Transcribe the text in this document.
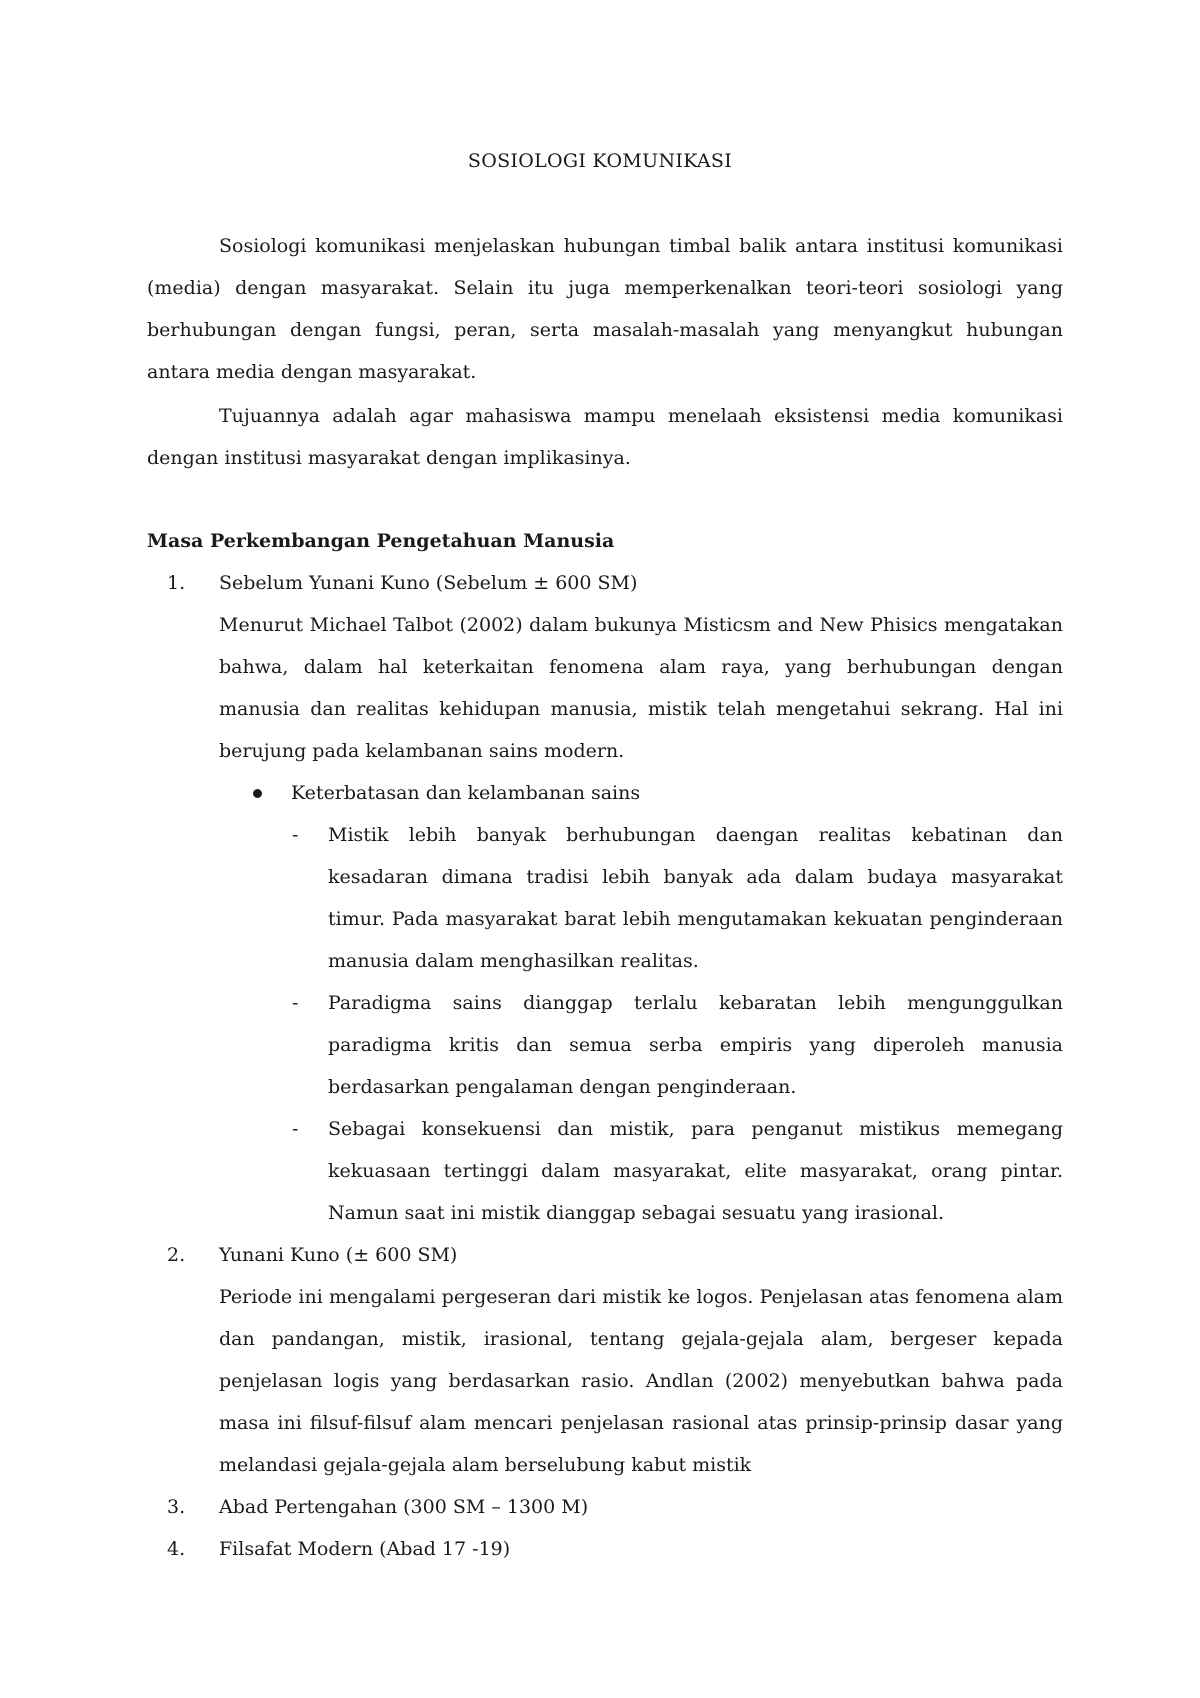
SOSIOLOGI KOMUNIKASI

Sosiologi komunikasi menjelaskan hubungan timbal balik antara institusi komunikasi (media) dengan masyarakat. Selain itu juga memperkenalkan teori-teori sosiologi yang berhubungan dengan fungsi, peran, serta masalah-masalah yang menyangkut hubungan antara media dengan masyarakat.

Tujuannya adalah agar mahasiswa mampu menelaah eksistensi media komunikasi dengan institusi masyarakat dengan implikasinya.

Masa Perkembangan Pengetahuan Manusia
1. Sebelum Yunani Kuno (Sebelum ± 600 SM)
Menurut Michael Talbot (2002) dalam bukunya Misticsm and New Phisics mengatakan bahwa, dalam hal keterkaitan fenomena alam raya, yang berhubungan dengan manusia dan realitas kehidupan manusia, mistik telah mengetahui sekrang. Hal ini berujung pada kelambanan sains modern.
Keterbatasan dan kelambanan sains
- Mistik lebih banyak berhubungan daengan realitas kebatinan dan kesadaran dimana tradisi lebih banyak ada dalam budaya masyarakat timur. Pada masyarakat barat lebih mengutamakan kekuatan penginderaan manusia dalam menghasilkan realitas.
- Paradigma sains dianggap terlalu kebaratan lebih mengunggulkan paradigma kritis dan semua serba empiris yang diperoleh manusia berdasarkan pengalaman dengan penginderaan.
- Sebagai konsekuensi dan mistik, para penganut mistikus memegang kekuasaan tertinggi dalam masyarakat, elite masyarakat, orang pintar. Namun saat ini mistik dianggap sebagai sesuatu yang irasional.
2. Yunani Kuno (± 600 SM)
Periode ini mengalami pergeseran dari mistik ke logos. Penjelasan atas fenomena alam dan pandangan, mistik, irasional, tentang gejala-gejala alam, bergeser kepada penjelasan logis yang berdasarkan rasio. Andlan (2002) menyebutkan bahwa pada masa ini filsuf-filsuf alam mencari penjelasan rasional atas prinsip-prinsip dasar yang melandasi gejala-gejala alam berselubung kabut mistik
3. Abad Pertengahan (300 SM – 1300 M)
4. Filsafat Modern (Abad 17 -19)
